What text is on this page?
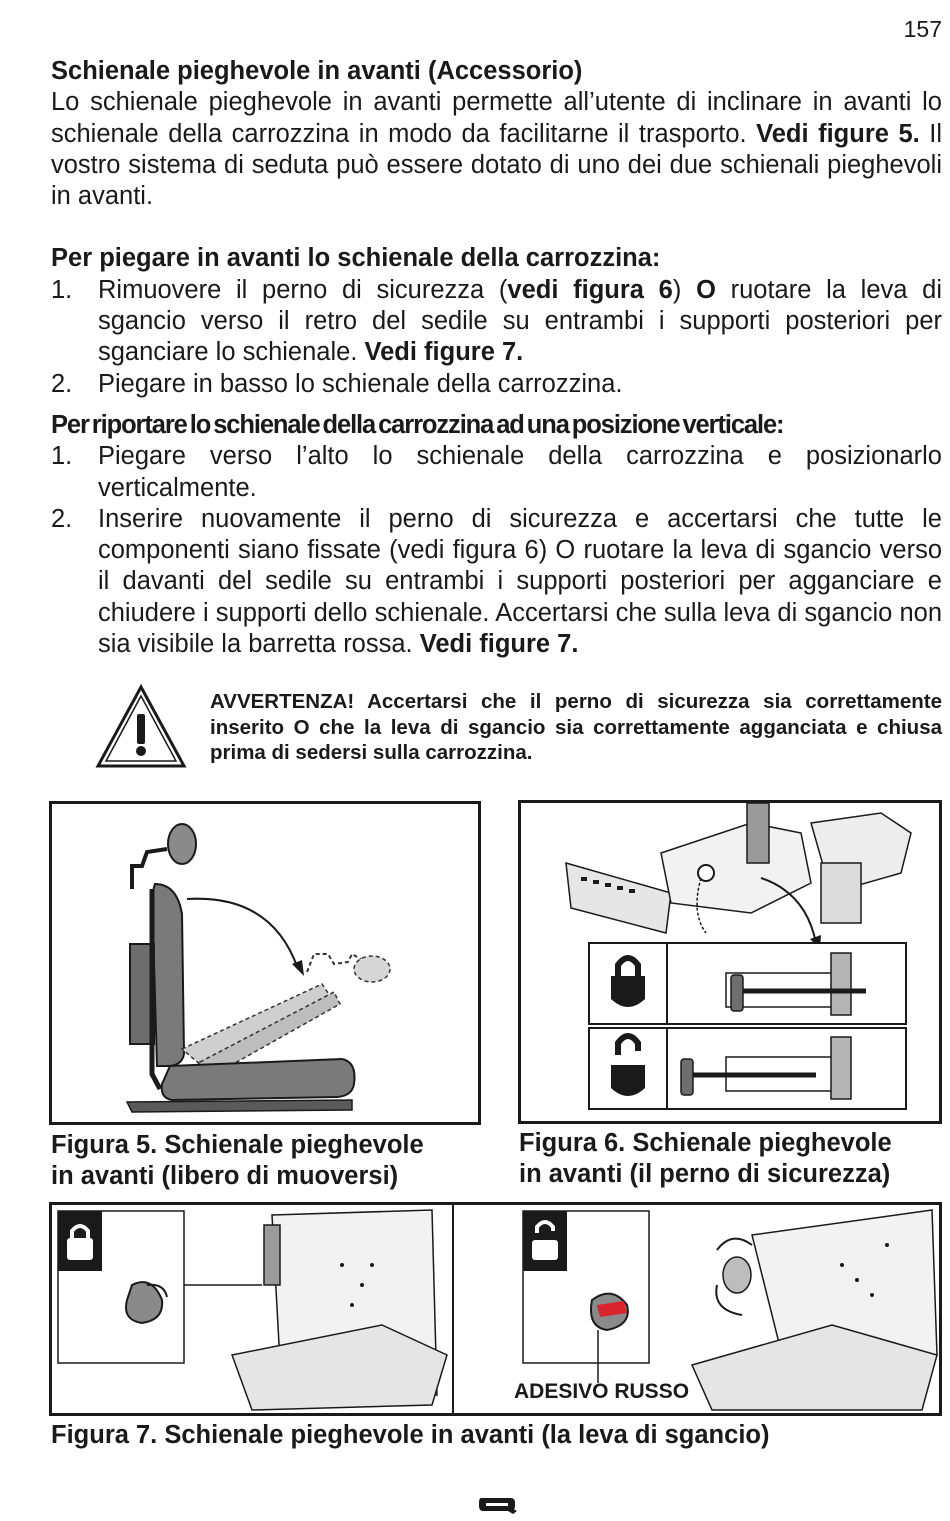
157
Schienale pieghevole in avanti (Accessorio)

Lo schienale pieghevole in avanti permette all’utente di inclinare in avanti lo schienale della carrozzina in modo da facilitarne il trasporto. Vedi figure 5. Il vostro sistema di seduta può essere dotato di uno dei due schienali pieghevoli in avanti.

Per piegare in avanti lo schienale della carrozzina:
1.	Rimuovere il perno di sicurezza (vedi figura 6) O ruotare la leva di sgancio verso il retro del sedile su entrambi i supporti posteriori per sganciare lo schienale. Vedi figure 7.
2.	Piegare in basso lo schienale della carrozzina.
Per riportare lo schienale della carrozzina ad una posizione verticale:
1.	Piegare verso l’alto lo schienale della carrozzina e posizionarlo verticalmente.
2.	Inserire nuovamente il perno di sicurezza e accertarsi che tutte le componenti siano fissate (vedi figura 6) O ruotare la leva di sgancio verso il davanti del sedile su entrambi i supporti posteriori per agganciare e chiudere i supporti dello schienale. Accertarsi che sulla leva di sgancio non sia visibile la barretta rossa. Vedi figure 7.
AVVERTENZA! Accertarsi che il perno di sicurezza sia correttamente inserito O che la leva di sgancio sia correttamente agganciata e chiusa prima di sedersi sulla carrozzina.
Figura 5. Schienale pieghevole
in avanti (libero di muoversi)
Figura 6. Schienale pieghevole
in avanti (il perno di sicurezza)
ADESIVO RUSSO
Figura 7. Schienale pieghevole in avanti (la leva di sgancio)
